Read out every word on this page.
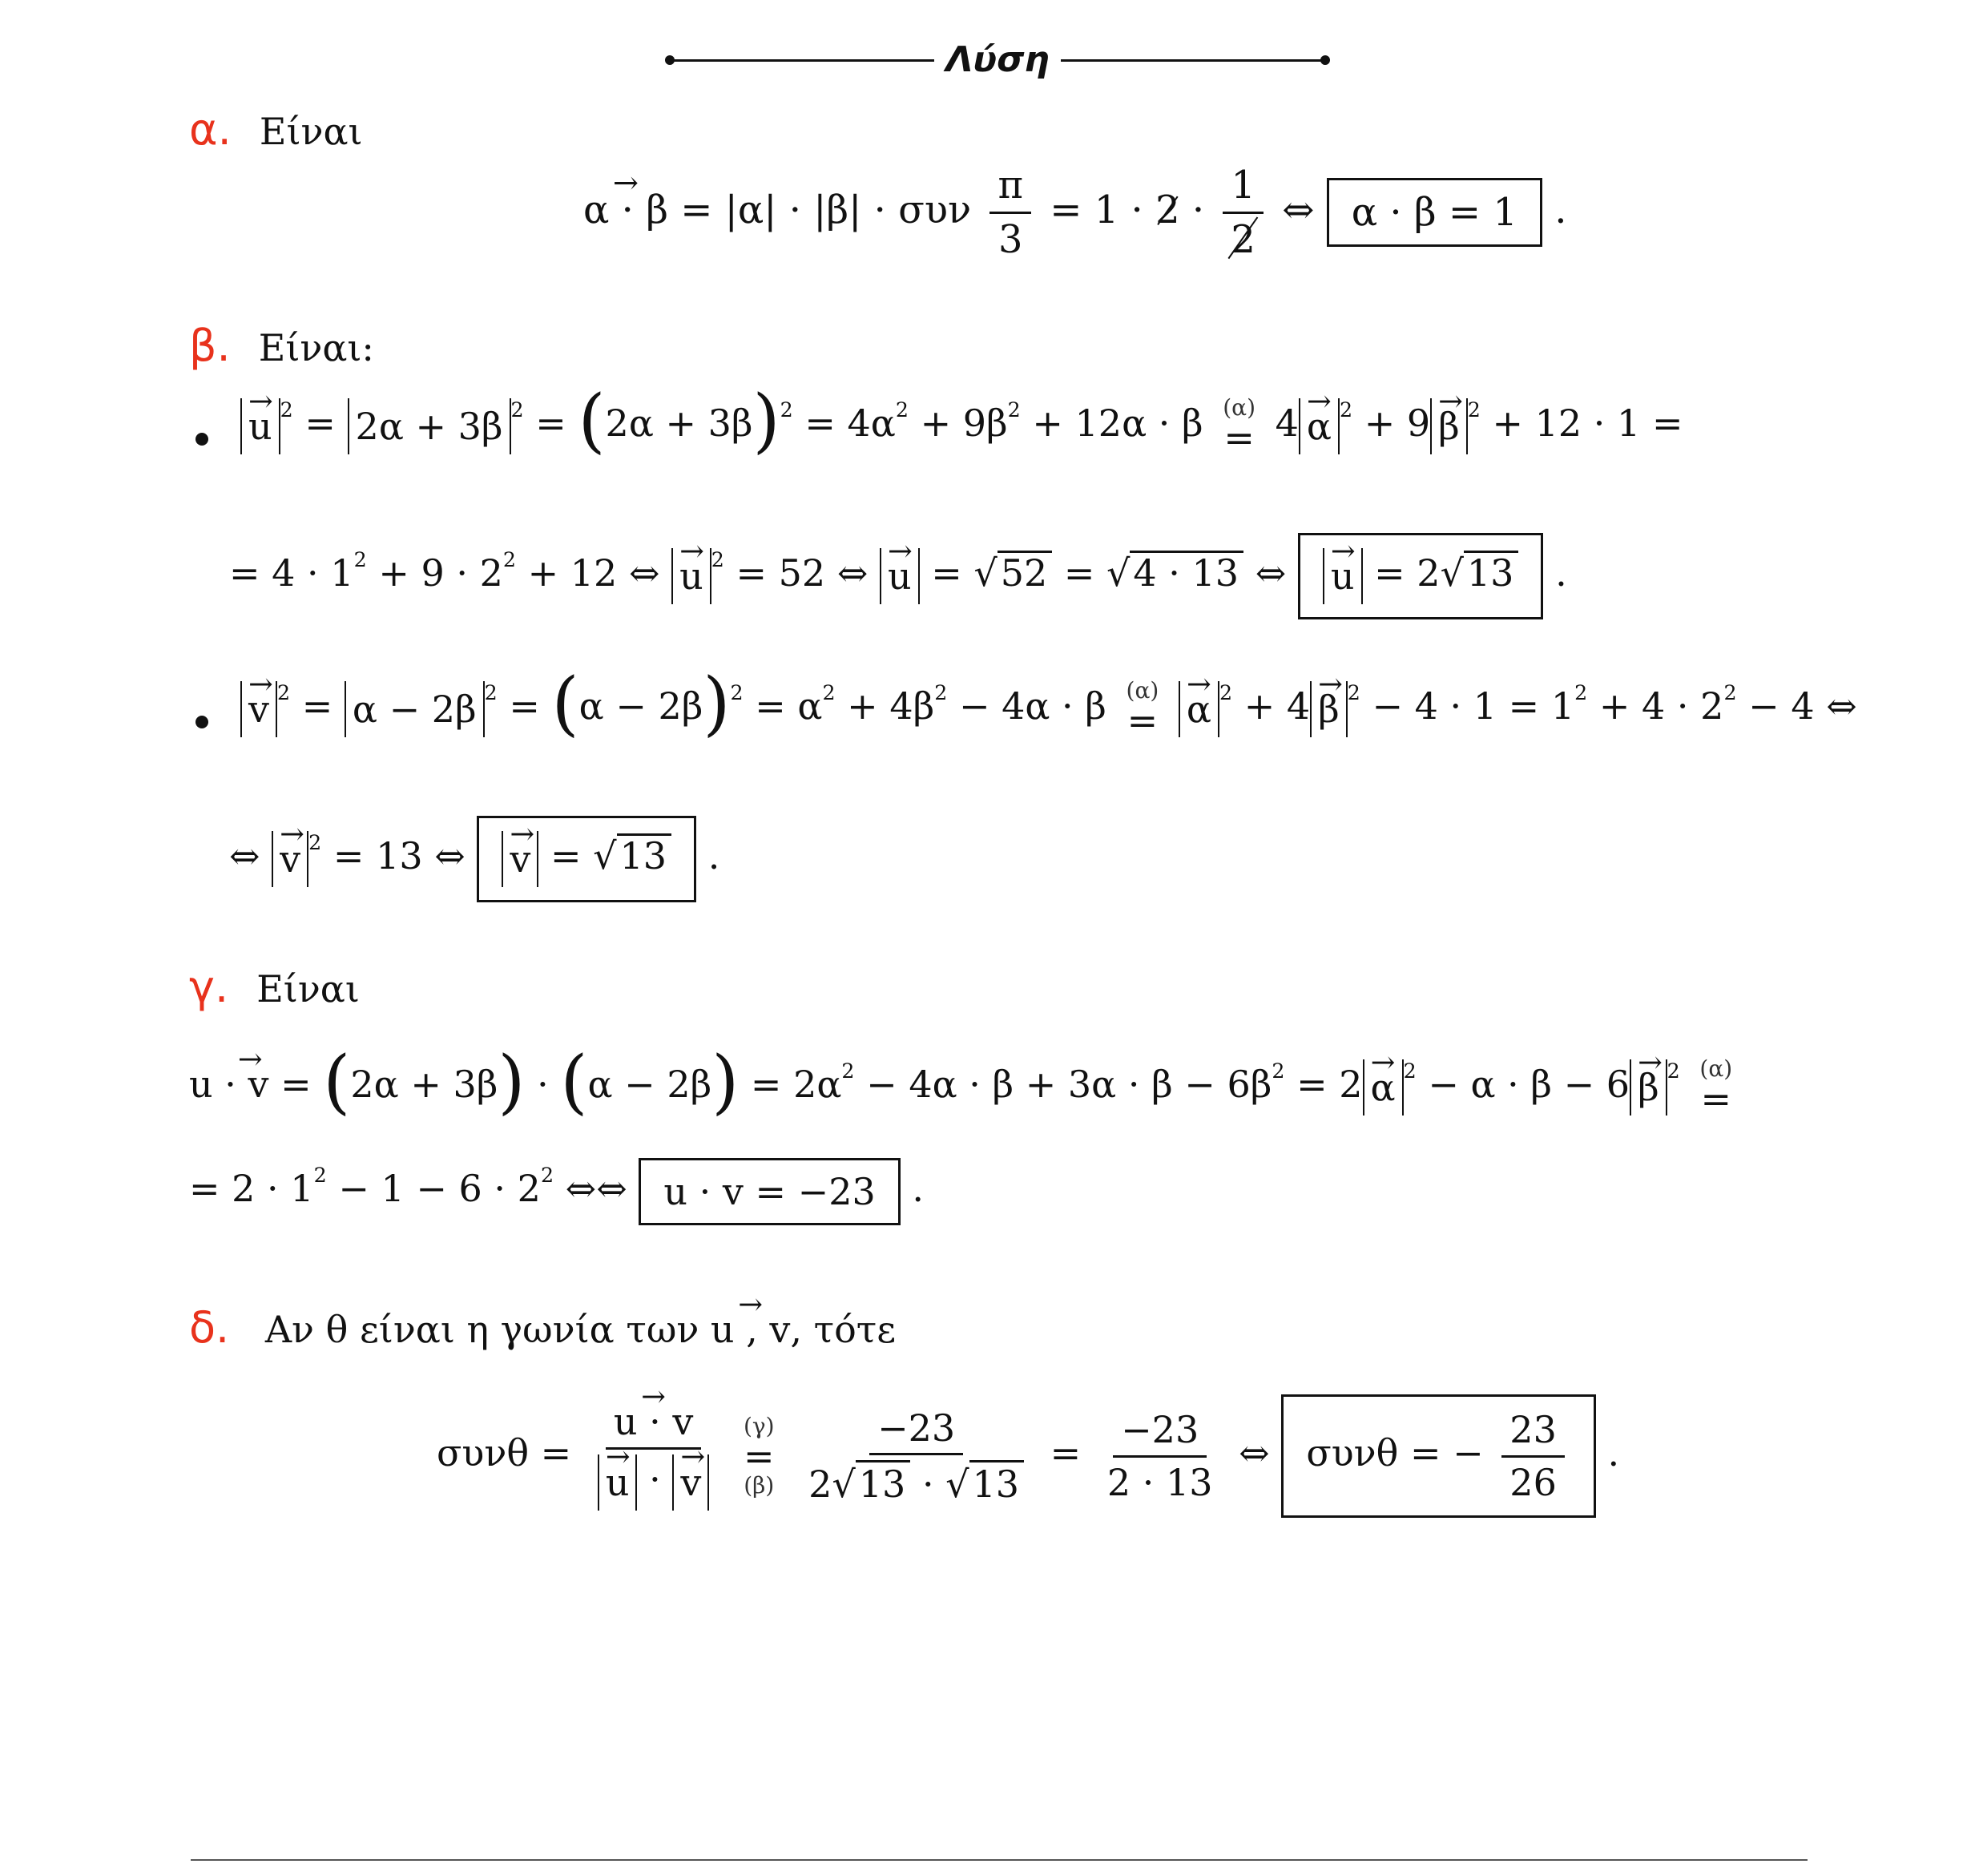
Λύση
α. Είναι
→ α · β = |α| · |β| · συν $\frac{\pi}{3} = 1 \cdot 2 \cdot \frac{1}{2}$ ⇔ α · β = 1 .
β. Είναι:
→ u $^2$ = 2α + 3β $^2 = (2\alpha + 3\beta)^2 = 4\alpha^2 + 9\beta^2 + 12\alpha \cdot \beta$ (α)
= 4 → α $^2$ + 9 → β $^2$ + 12 · 1 =
= $4 \cdot 1^2 + 9 \cdot 2^2 + 12$ ⇔ → u $^2$ = 52 ⇔ → u = √52 = √4 · 13 ⇔ → u = 2√13 .
→ v $^2$ = α − 2β $^2 = (\alpha - 2\beta)^2 = \alpha^2 + 4\beta^2 - 4\alpha \cdot \beta$ (α)
= → α $^2$ + 4 → β $^2 - 4 \cdot 1 = 1^2 + 4 \cdot 2^2 - 4$ ⇔
⇔ → v $^2$ = 13 ⇔ → v = √13 .
γ. Είναι
→ $u \cdot v = (2\alpha + 3\beta) \cdot (\alpha - 2\beta) = 2\alpha^2 - 4\alpha \cdot \beta + 3\alpha \cdot \beta - 6\beta^2 = 2 \to \alpha$ $^2$ − α · β − 6 → β $^2$ (α)
=
= $2 \cdot 1^2 - 1 - 6 \cdot 2^2$ ⇔⇔ u · v = −23 .
δ. Αν θ είναι η γωνία των → u , v, τότε
συνθ = → u · v
→ u · → v
(γ)
=
(β)
$\frac{-23}{2√13 \cdot √13} = \frac{-23}{2 \cdot 13}$ ⇔ συνθ = − $\frac{23}{26}$ .
